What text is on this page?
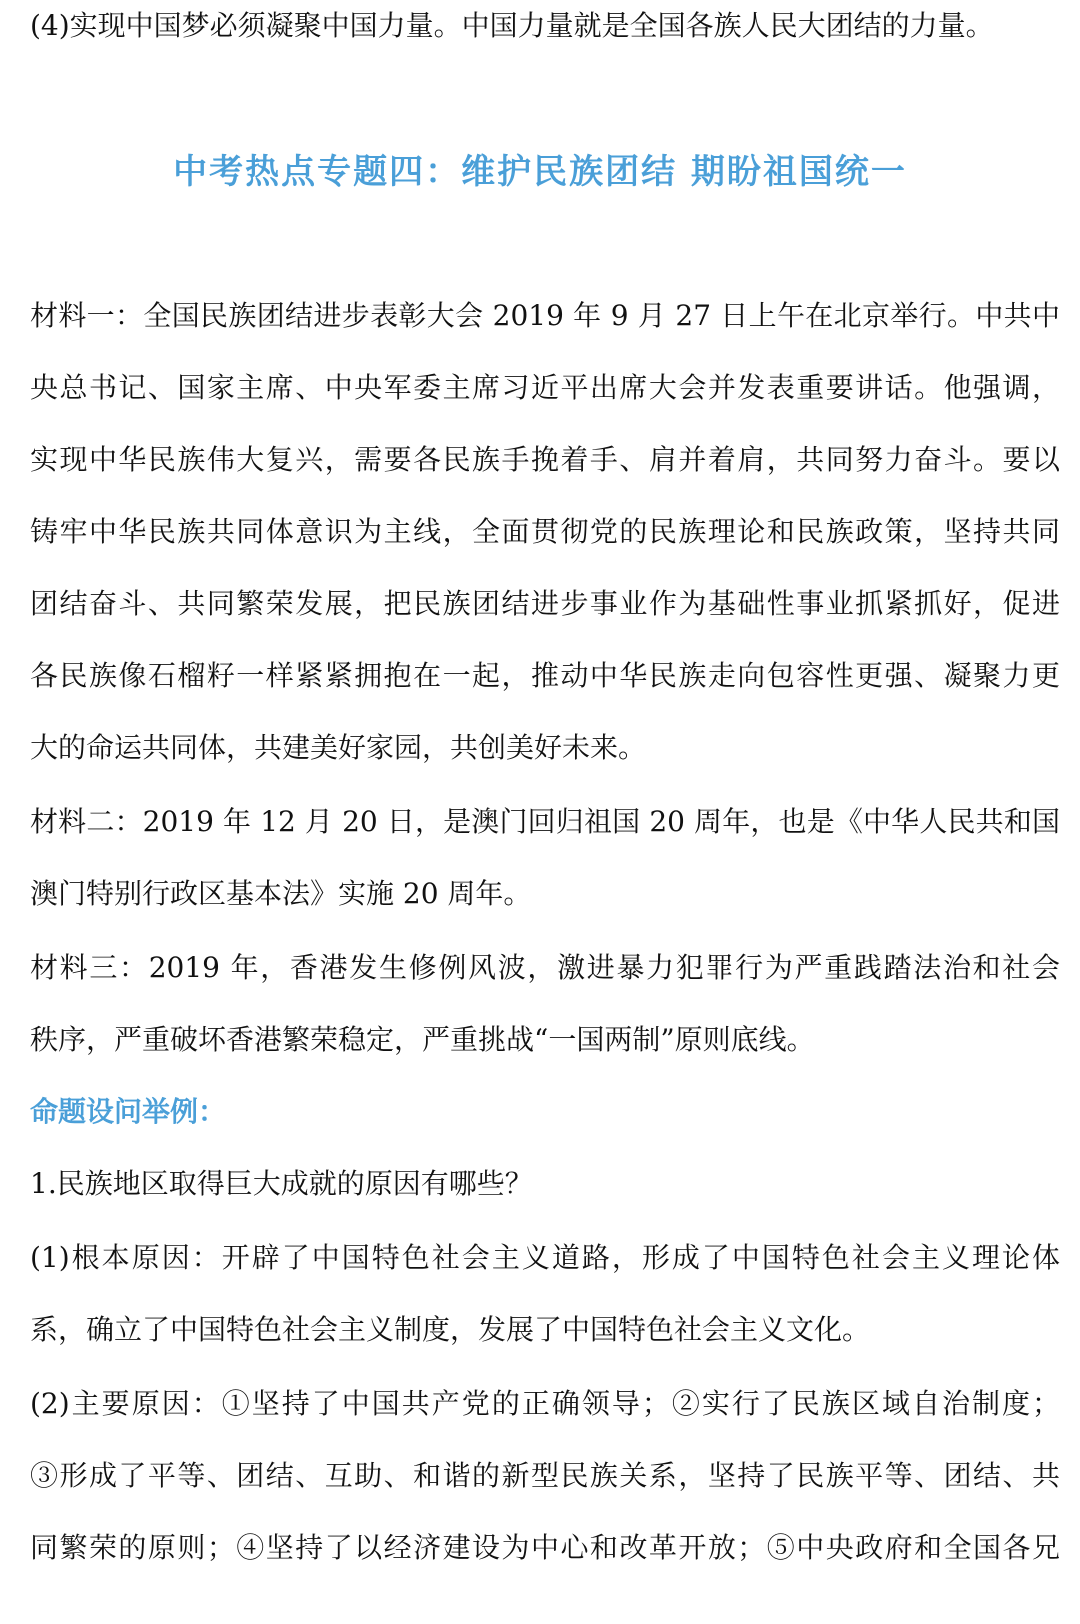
(4)实现中国梦必须凝聚中国力量。中国力量就是全国各族人民大团结的力量。
中考热点专题四：维护民族团结 期盼祖国统一
材料一：全国民族团结进步表彰大会 2019 年 9 月 27 日上午在北京举行。中共中
央总书记、国家主席、中央军委主席习近平出席大会并发表重要讲话。他强调，
实现中华民族伟大复兴，需要各民族手挽着手、肩并着肩，共同努力奋斗。要以
铸牢中华民族共同体意识为主线，全面贯彻党的民族理论和民族政策，坚持共同
团结奋斗、共同繁荣发展，把民族团结进步事业作为基础性事业抓紧抓好，促进
各民族像石榴籽一样紧紧拥抱在一起，推动中华民族走向包容性更强、凝聚力更
大的命运共同体，共建美好家园，共创美好未来。
材料二：2019 年 12 月 20 日，是澳门回归祖国 20 周年，也是《中华人民共和国
澳门特别行政区基本法》实施 20 周年。
材料三：2019 年，香港发生修例风波，激进暴力犯罪行为严重践踏法治和社会
秩序，严重破坏香港繁荣稳定，严重挑战“一国两制”原则底线。
命题设问举例：
1.民族地区取得巨大成就的原因有哪些？
(1)根本原因：开辟了中国特色社会主义道路，形成了中国特色社会主义理论体
系，确立了中国特色社会主义制度，发展了中国特色社会主义文化。
(2)主要原因：①坚持了中国共产党的正确领导；②实行了民族区域自治制度；
③形成了平等、团结、互助、和谐的新型民族关系，坚持了民族平等、团结、共
同繁荣的原则；④坚持了以经济建设为中心和改革开放；⑤中央政府和全国各兄
